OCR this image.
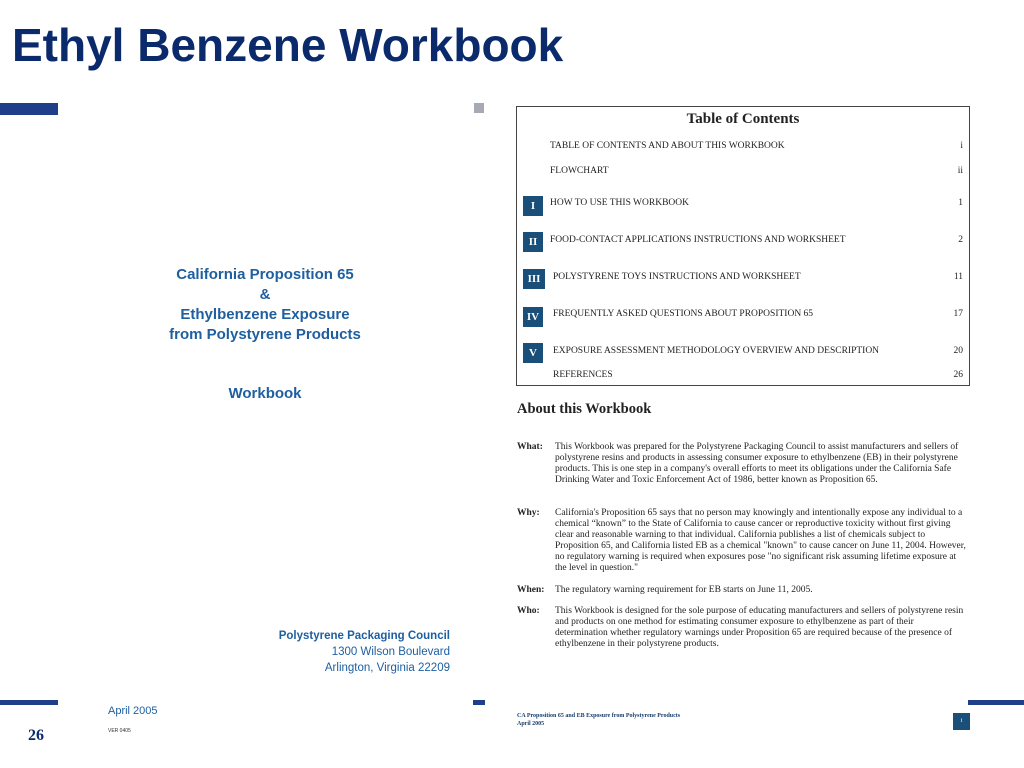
Ethyl Benzene Workbook
California Proposition 65
&
Ethylbenzene Exposure
from Polystyrene Products
Workbook
Polystyrene Packaging Council
1300 Wilson Boulevard
Arlington, Virginia 22209
April 2005
VER 0405
Table of Contents
TABLE OF CONTENTS AND ABOUT THIS WORKBOOK	i
FLOWCHART	ii
I	HOW TO USE THIS WORKBOOK	1
II	FOOD-CONTACT APPLICATIONS INSTRUCTIONS AND WORKSHEET	2
III	POLYSTYRENE TOYS INSTRUCTIONS AND WORKSHEET	11
IV	FREQUENTLY ASKED QUESTIONS ABOUT PROPOSITION 65	17
V	EXPOSURE ASSESSMENT METHODOLOGY OVERVIEW AND DESCRIPTION	20
REFERENCES	26
About this Workbook
What: This Workbook was prepared for the Polystyrene Packaging Council to assist manufacturers and sellers of polystyrene resins and products in assessing consumer exposure to ethylbenzene (EB) in their polystyrene products. This is one step in a company's overall efforts to meet its obligations under the California Safe Drinking Water and Toxic Enforcement Act of 1986, better known as Proposition 65.
Why: California's Proposition 65 says that no person may knowingly and intentionally expose any individual to a chemical “known” to the State of California to cause cancer or reproductive toxicity without first giving clear and reasonable warning to that individual. California publishes a list of chemicals subject to Proposition 65, and California listed EB as a chemical "known" to cause cancer on June 11, 2004. However, no regulatory warning is required when exposures pose "no significant risk assuming lifetime exposure at the level in question."
When: The regulatory warning requirement for EB starts on June 11, 2005.
Who: This Workbook is designed for the sole purpose of educating manufacturers and sellers of polystyrene resin and products on one method for estimating consumer exposure to ethylbenzene as part of their determination whether regulatory warnings under Proposition 65 are required because of the presence of ethylbenzene in their polystyrene products.
CA Proposition 65 and EB Exposure from Polystyrene Products
April 2005	i
26
